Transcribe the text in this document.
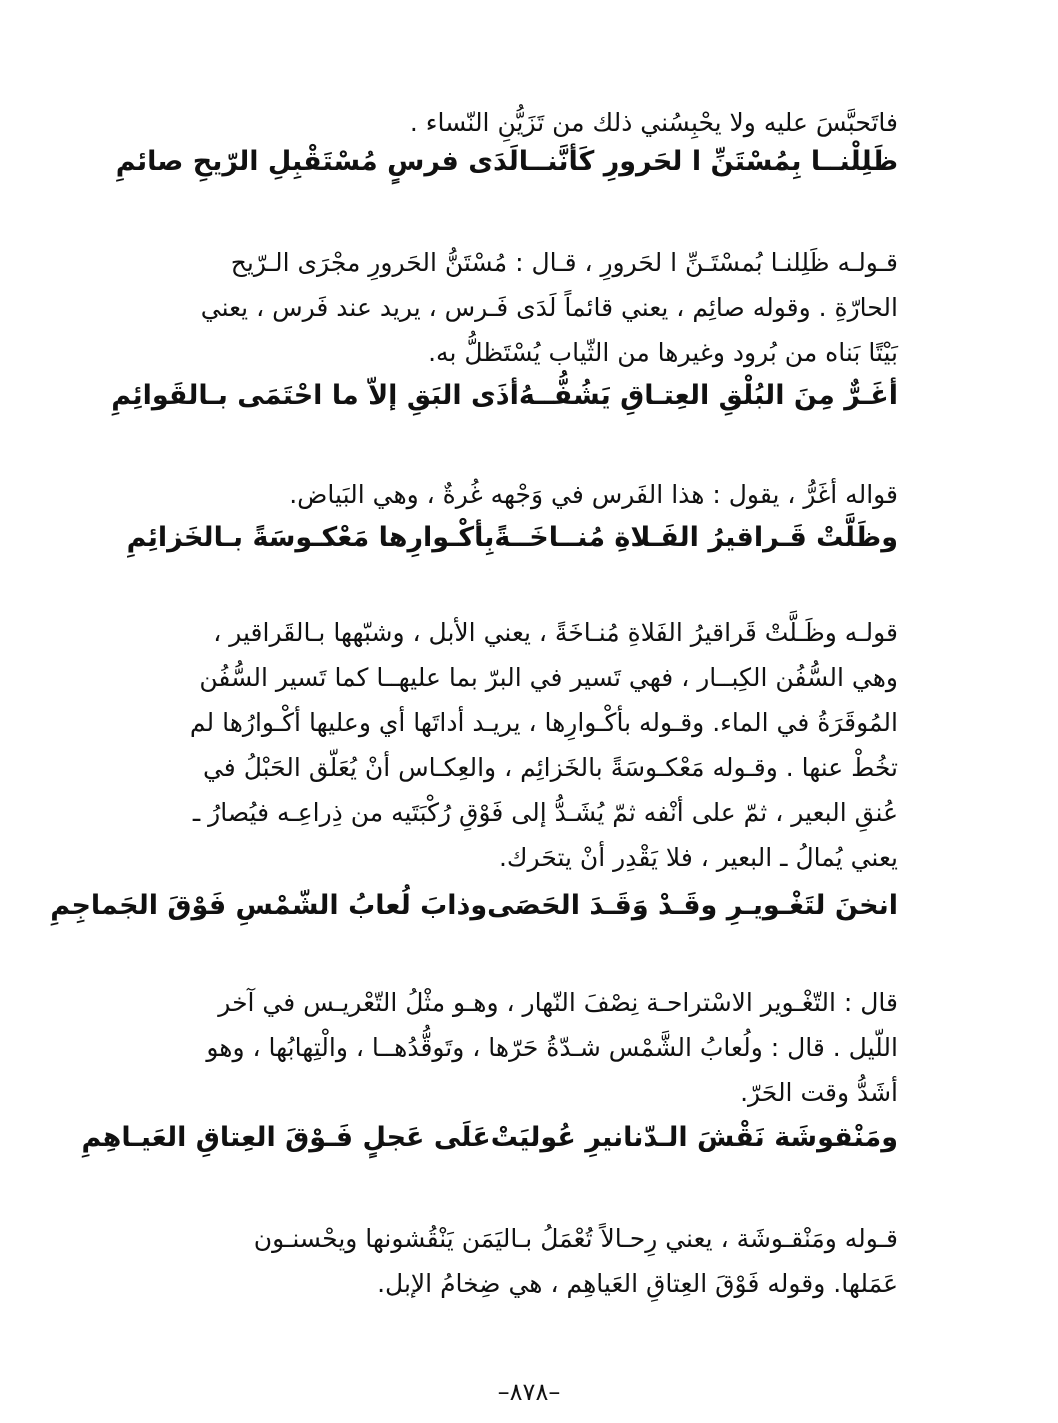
فاتَحبَّسَ عليه ولا يحْبِسُني ذلك من تَزَيُّنِ النّساء .

ظَلِلْنــا بِمُسْتَنِّ ا لحَرورِ كَأنَّنــا
لَدَى فرسٍ مُسْتَقْبِلِ الرّيحِ صائمِ

قـولـه ظَلِلنـا بُمسْتَـنِّ ا لحَرورِ ، قـال : مُسْتَنُّ الحَرورِ مجْرَى الـرّيح

الحارّةِ . وقوله صائِم ، يعني قائماً لَدَى فَـرس ، يريد عند فَرس ، يعني

بَيْتًا بَناه من بُرود وغيرها من الثّياب يُسْتَظلُّ به.

أغَـرٌّ مِنَ البُلْقِ العِتـاقِ يَشُفُّــهُ
أذَى البَقِ إلاّ ما احْتَمَى بـالقَوائِمِ

قواله أغَرُّ ، يقول : هذا الفَرس في وَجْهه غُرةٌ ، وهي البَياض.

وظَلَّتْ قَـراقيرُ الفَـلاةِ مُنــاخَــةً
بِأكْـوارِها مَعْكـوسَةً بـالخَزائِمِ

قولـه وظَـلَّتْ قَراقيرُ الفَلاةِ مُنـاخَةً ، يعني الأبل ، وشبّهها بـالقَراقير ،

وهي السُّفُن الكِبــار ، فهي تَسير في البرّ بما عليهــا كما تَسير السُّفُن

المُوقَرَةُ في الماء. وقـوله بأكْـوارِها ، يريـد أداتَها أي وعليها أكْـوارُها لم

تخُطْ عنها . وقـوله مَعْكـوسَةً بالخَزائِم ، والعِكـاس أنْ يُعَلّق الحَبْلُ في

عُنقِ البعير ، ثمّ على أنْفه ثمّ يُشَـدُّ إلى فَوْقِ رُكْبَتَيه من ذِراعِـه فيُصارُ ـ

يعني يُمالُ ـ البعير ، فلا يَقْدِر أنْ يتحَرك.

انخنَ لتَغْـويـرِ وقَـدْ وَقَـدَ الحَصَى
وذابَ لُعابُ الشّمْسِ فَوْقَ الجَماجِمِ

قال : التّغْـوير الاسْتراحـة نِصْفَ النّهار ، وهـو مثْلُ التّعْريـس في آخر

اللّيل . قال : ولُعابُ الشَّمْس شـدّةُ حَرّها ، وتَوقُّدُهــا ، والْتِهابُها ، وهو

أشَدُّ وقت الحَرّ.

ومَنْقوشَة نَقْشَ الـدّنانيرِ عُوليَتْ
عَلَى عَجلٍ فَـوْقَ العِتاقِ العَيـاهِمِ

قـوله ومَنْقـوشَة ، يعني رِحـالاً تُعْمَلُ بـاليَمَن يَنْقُشونها ويحْسنـون

عَمَلها. وقوله فَوْقَ العِتاقِ العَياهِم ، هي ضِخامُ الإبل.

–٨٧٨–
